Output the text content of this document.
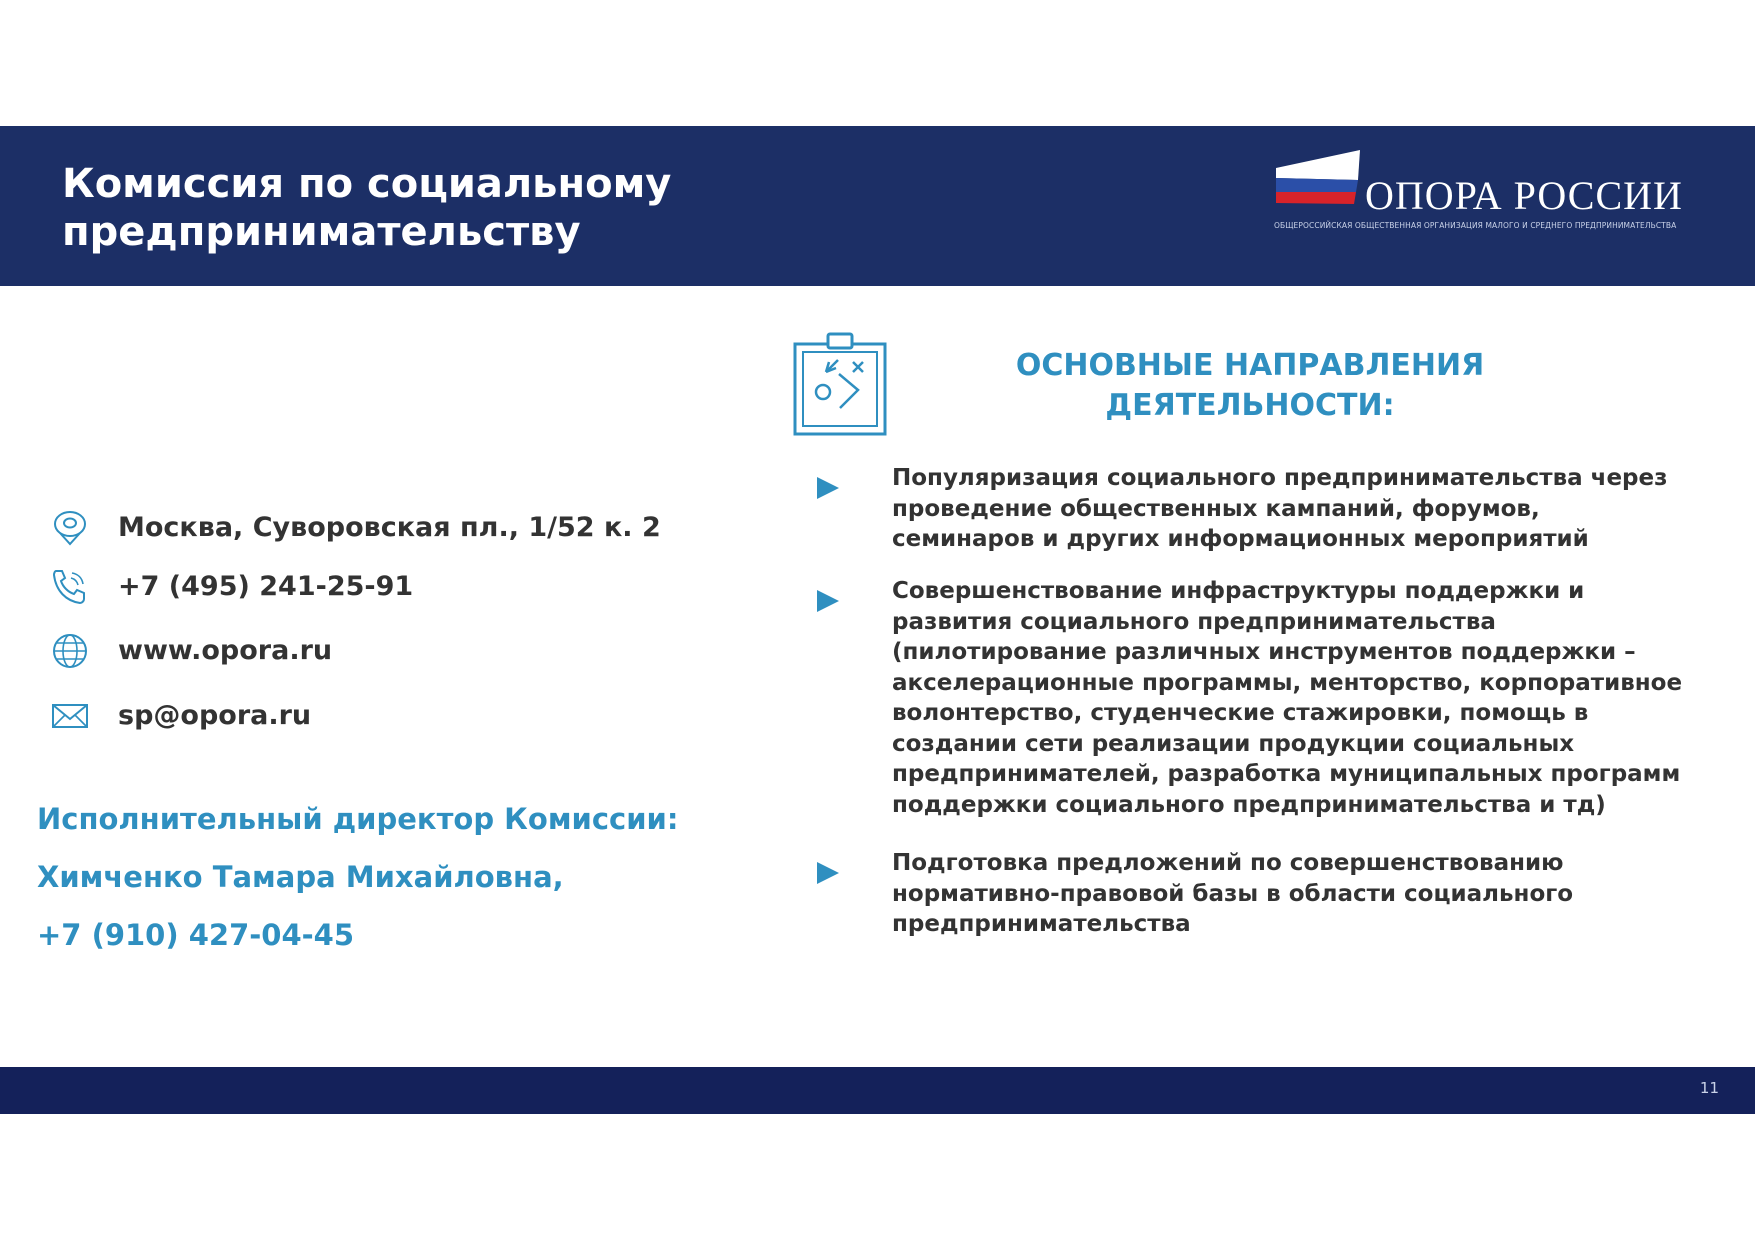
Комиссия по социальному
предпринимательству
ОПОРА РОССИИ
ОБЩЕРОССИЙСКАЯ ОБЩЕСТВЕННАЯ ОРГАНИЗАЦИЯ МАЛОГО И СРЕДНЕГО ПРЕДПРИНИМАТЕЛЬСТВА
Москва, Суворовская пл., 1/52 к. 2
+7 (495) 241-25-91
www.opora.ru
sp@opora.ru
Исполнительный директор Комиссии:
Химченко Тамара Михайловна,
+7 (910) 427-04-45
ОСНОВНЫЕ НАПРАВЛЕНИЯ
ДЕЯТЕЛЬНОСТИ:
Популяризация социального предпринимательства через
проведение общественных кампаний, форумов,
семинаров и других информационных мероприятий
Совершенствование инфраструктуры поддержки и
развития социального предпринимательства
(пилотирование различных инструментов поддержки –
акселерационные программы, менторство, корпоративное
волонтерство, студенческие стажировки, помощь в
создании сети реализации продукции социальных
предпринимателей, разработка муниципальных программ
поддержки социального предпринимательства и тд)
Подготовка предложений по совершенствованию
нормативно-правовой базы в области социального
предпринимательства
11
